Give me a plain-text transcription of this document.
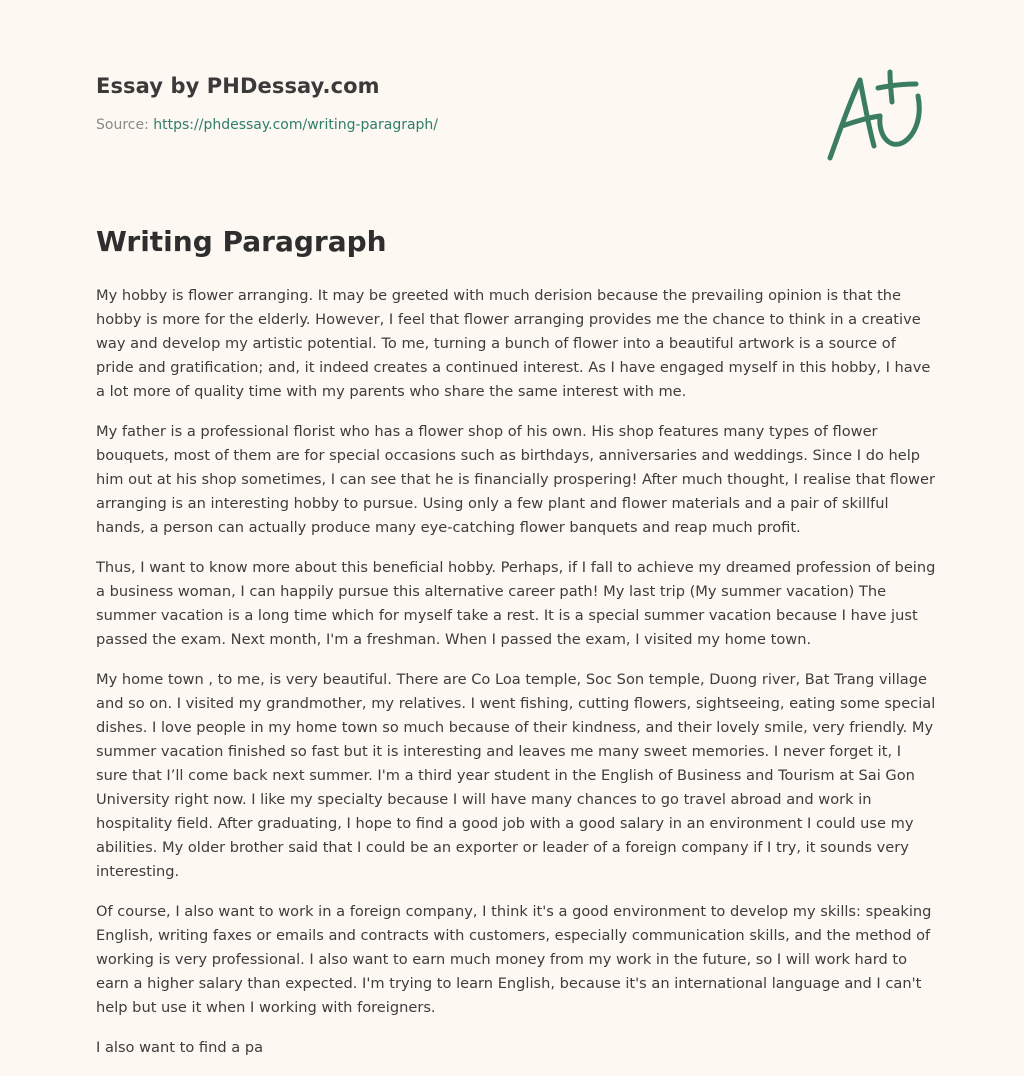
Essay by PHDessay.com
Source: https://phdessay.com/writing-paragraph/
Writing Paragraph

My hobby is flower arranging. It may be greeted with much derision because the prevailing opinion is that the hobby is more for the elderly. However, I feel that flower arranging provides me the chance to think in a creative way and develop my artistic potential. To me, turning a bunch of flower into a beautiful artwork is a source of pride and gratification; and, it indeed creates a continued interest. As I have engaged myself in this hobby, I have a lot more of quality time with my parents who share the same interest with me.

My father is a professional florist who has a flower shop of his own. His shop features many types of flower bouquets, most of them are for special occasions such as birthdays, anniversaries and weddings. Since I do help him out at his shop sometimes, I can see that he is financially prospering! After much thought, I realise that flower arranging is an interesting hobby to pursue. Using only a few plant and flower materials and a pair of skillful hands, a person can actually produce many eye-catching flower banquets and reap much profit.

Thus, I want to know more about this beneficial hobby. Perhaps, if I fall to achieve my dreamed profession of being a business woman, I can happily pursue this alternative career path! My last trip (My summer vacation) The summer vacation is a long time which for myself take a rest. It is a special summer vacation because I have just passed the exam. Next month, I'm a freshman. When I passed the exam, I visited my home town.

My home town , to me, is very beautiful. There are Co Loa temple, Soc Son temple, Duong river, Bat Trang village and so on. I visited my grandmother, my relatives. I went fishing, cutting flowers, sightseeing, eating some special dishes. I love people in my home town so much because of their kindness, and their lovely smile, very friendly. My summer vacation finished so fast but it is interesting and leaves me many sweet memories. I never forget it, I sure that I’ll come back next summer. I'm a third year student in the English of Business and Tourism at Sai Gon University right now. I like my specialty because I will have many chances to go travel abroad and work in hospitality field. After graduating, I hope to find a good job with a good salary in an environment I could use my abilities. My older brother said that I could be an exporter or leader of a foreign company if I try, it sounds very interesting.

Of course, I also want to work in a foreign company, I think it's a good environment to develop my skills: speaking English, writing faxes or emails and contracts with customers, especially communication skills, and the method of working is very professional. I also want to earn much money from my work in the future, so I will work hard to earn a higher salary than expected. I'm trying to learn English, because it's an international language and I can't help but use it when I working with foreigners.

I also want to find a pa
